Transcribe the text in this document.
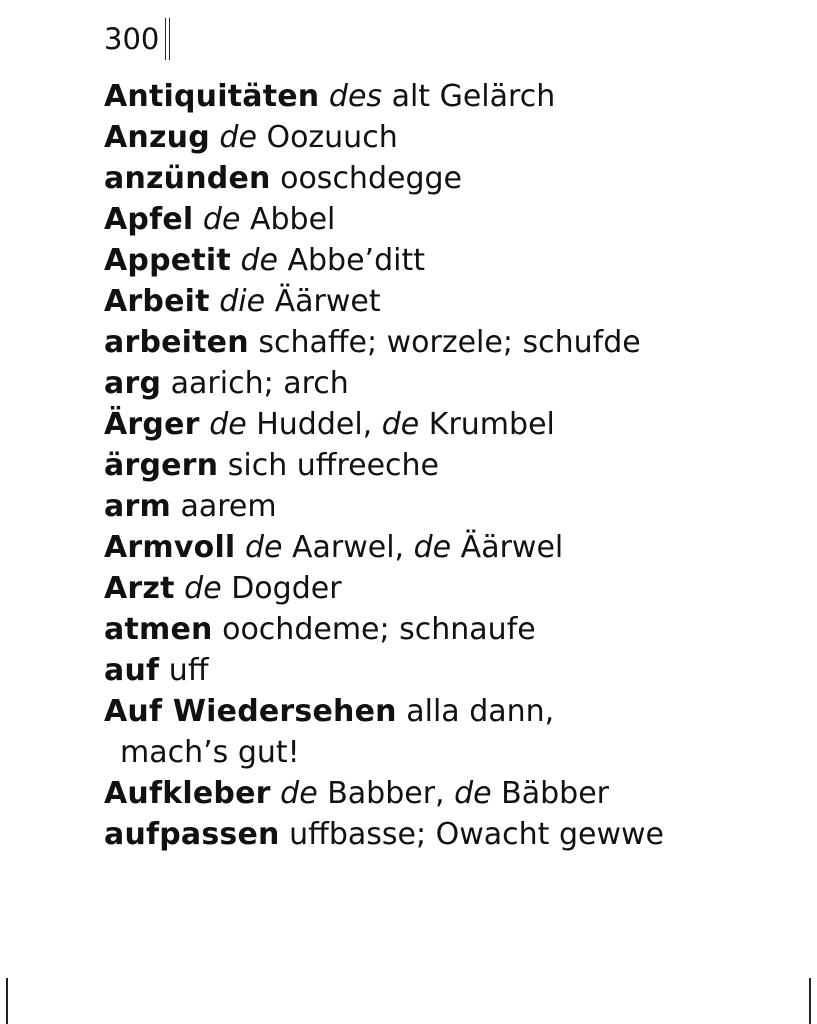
300
Antiquitäten des alt Gelärch
Anzug de Oozuuch
anzünden ooschdegge
Apfel de Abbel
Appetit de Abbe’ditt
Arbeit die Äärwet
arbeiten schaffe; worzele; schufde
arg aarich; arch
Ärger de Huddel, de Krumbel
ärgern sich uffreeche
arm aarem
Armvoll de Aarwel, de Äärwel
Arzt de Dogder
atmen oochdeme; schnaufe
auf uff
Auf Wiedersehen alla dann,
mach’s gut!
Aufkleber de Babber, de Bäbber
aufpassen uffbasse; Owacht gewwe
